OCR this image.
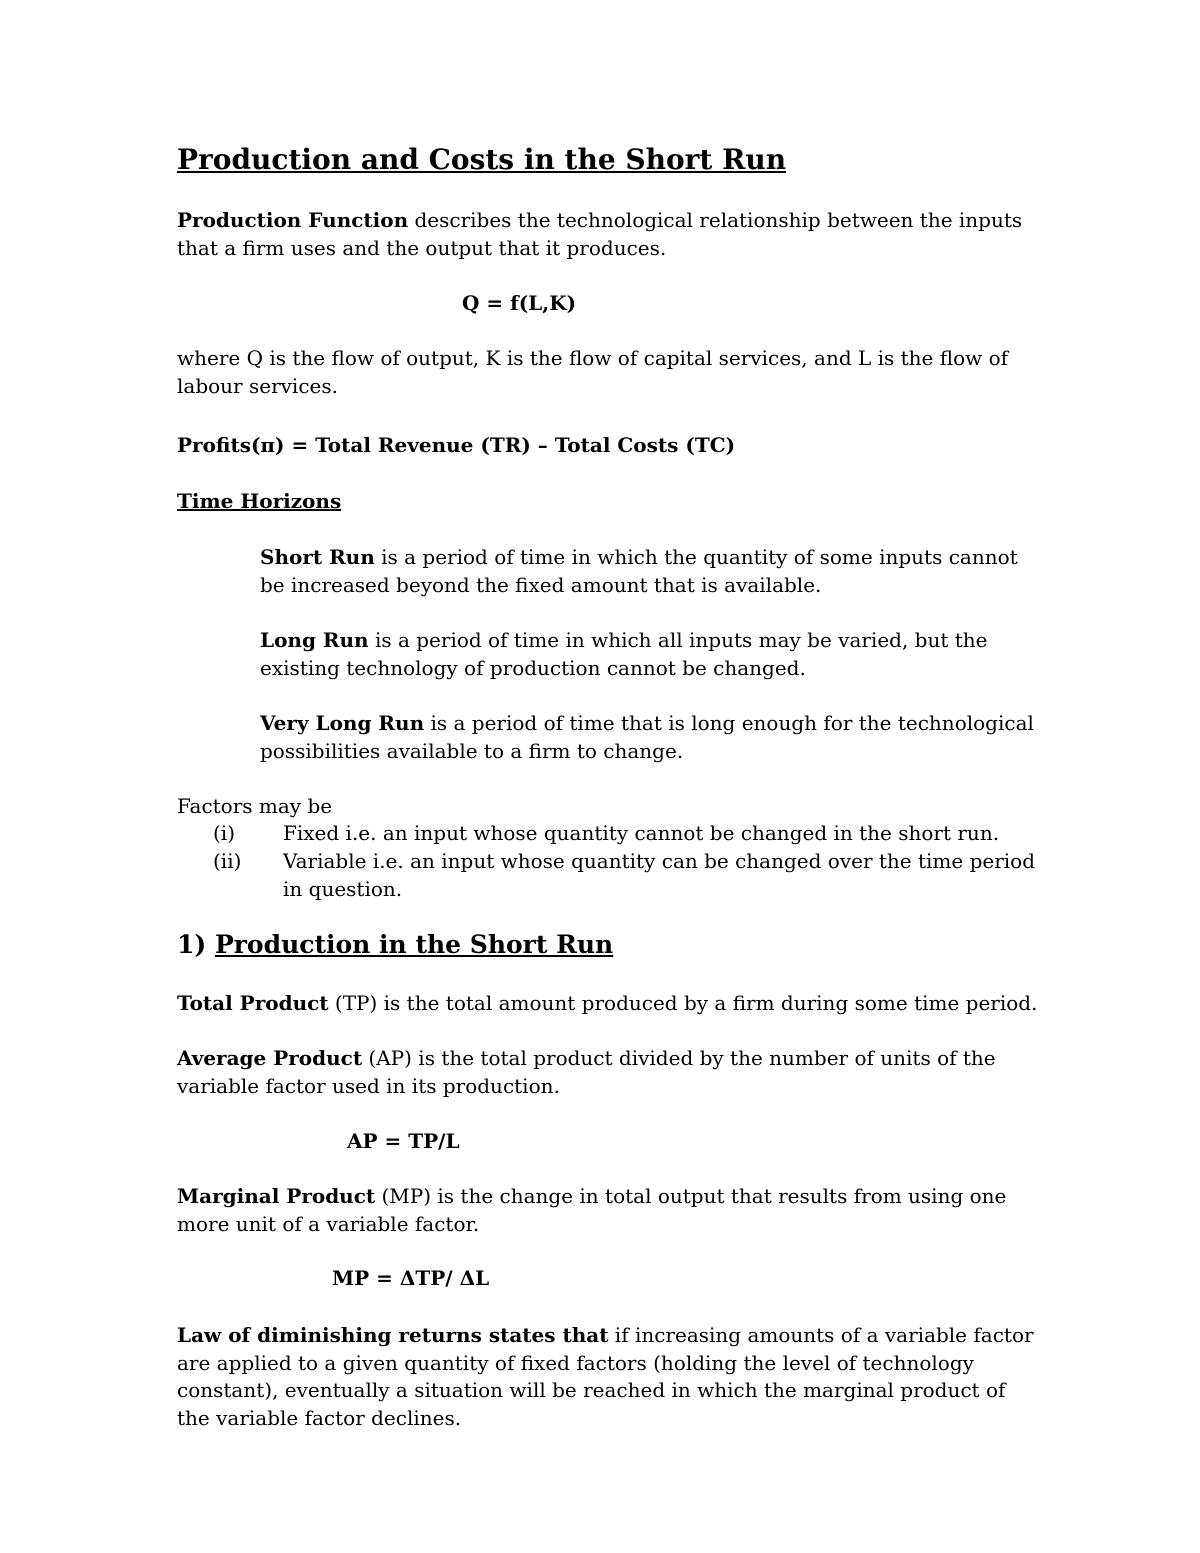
Production and Costs in the Short Run

Production Function describes the technological relationship between the inputs
that a firm uses and the output that it produces.

Q = f(L,K)

where Q is the flow of output, K is the flow of capital services, and L is the flow of
labour services.

Profits(π) = Total Revenue (TR) – Total Costs (TC)
Time Horizons

Short Run is a period of time in which the quantity of some inputs cannot
be increased beyond the fixed amount that is available.

Long Run is a period of time in which all inputs may be varied, but the
existing technology of production cannot be changed.

Very Long Run is a period of time that is long enough for the technological
possibilities available to a firm to change.

Factors may be
(i) Fixed i.e. an input whose quantity cannot be changed in the short run.
(ii) Variable i.e. an input whose quantity can be changed over the time period
in question.
1) Production in the Short Run

Total Product (TP) is the total amount produced by a firm during some time period.

Average Product (AP) is the total product divided by the number of units of the
variable factor used in its production.

AP = TP/L

Marginal Product (MP) is the change in total output that results from using one
more unit of a variable factor.

MP = ΔTP/ ΔL

Law of diminishing returns states that if increasing amounts of a variable factor
are applied to a given quantity of fixed factors (holding the level of technology
constant), eventually a situation will be reached in which the marginal product of
the variable factor declines.
